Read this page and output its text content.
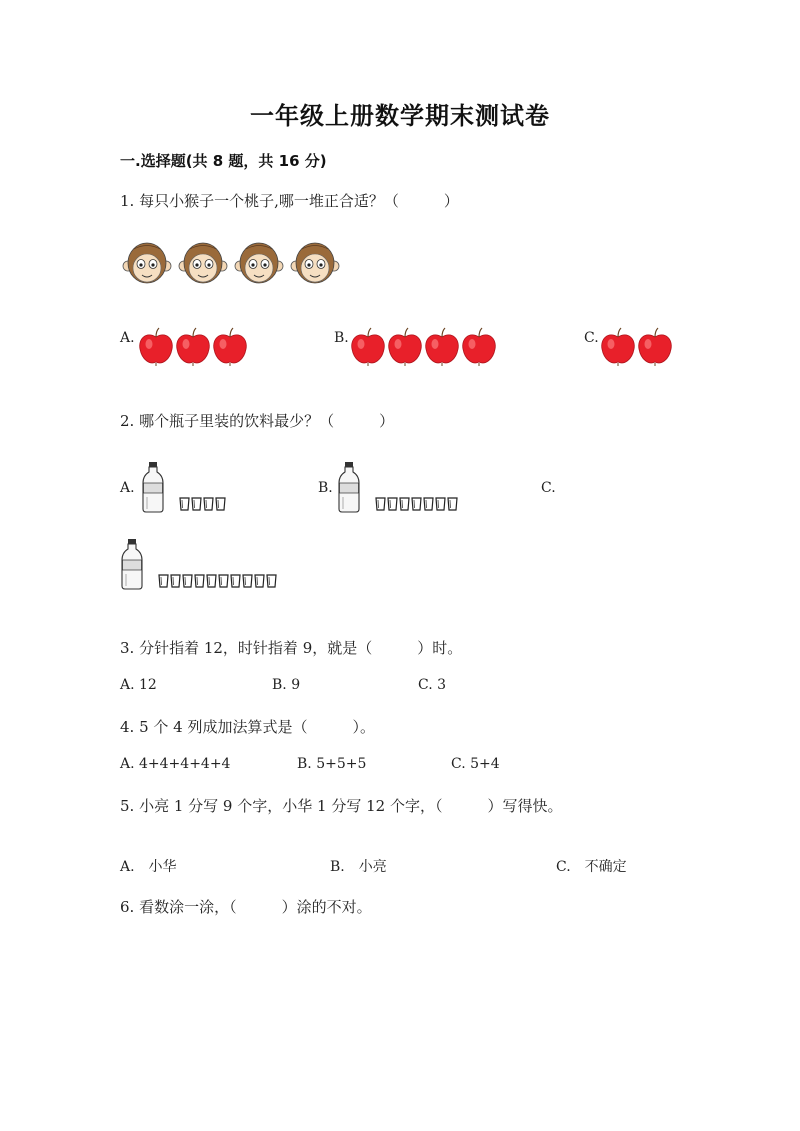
一年级上册数学期末测试卷
一.选择题(共 8 题，共 16 分)
1. 每只小猴子一个桃子,哪一堆正合适？（　　　）
A.	B.	C.
2. 哪个瓶子里装的饮料最少？（　　　）
A.	B.	C.
3. 分针指着 12，时针指着 9，就是（　　　）时。
A. 12	B. 9	C. 3
4. 5 个 4 列成加法算式是（　　　）。
A. 4+4+4+4+4	B. 5+5+5	C. 5+4
5. 小亮 1 分写 9 个字，小华 1 分写 12 个字，（　　　）写得快。
A.　小华	B.　小亮	C.　不确定
6. 看数涂一涂，（　　　）涂的不对。
